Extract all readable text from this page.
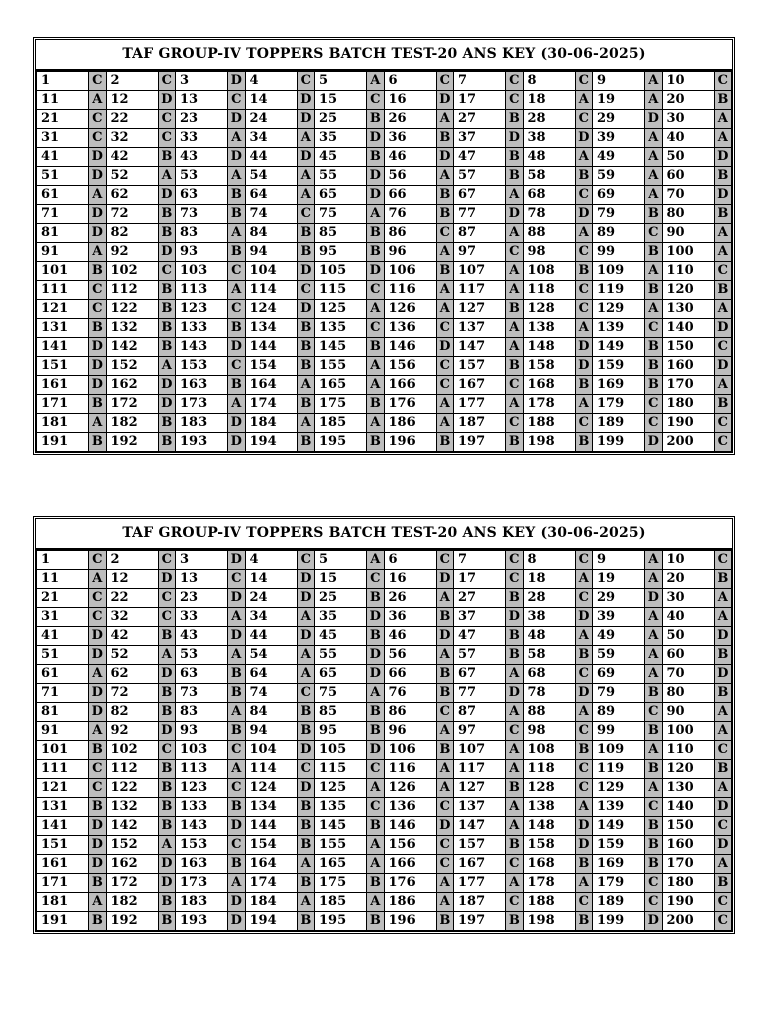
TAF GROUP-IV TOPPERS BATCH TEST-20 ANS KEY (30-06-2025)
1	C	2	C	3	D	4	C	5	A	6	C	7	C	8	C	9	A	10	C
11	A	12	D	13	C	14	D	15	C	16	D	17	C	18	A	19	A	20	B
21	C	22	C	23	D	24	D	25	B	26	A	27	B	28	C	29	D	30	A
31	C	32	C	33	A	34	A	35	D	36	B	37	D	38	D	39	A	40	A
41	D	42	B	43	D	44	D	45	B	46	D	47	B	48	A	49	A	50	D
51	D	52	A	53	A	54	A	55	D	56	A	57	B	58	B	59	A	60	B
61	A	62	D	63	B	64	A	65	D	66	B	67	A	68	C	69	A	70	D
71	D	72	B	73	B	74	C	75	A	76	B	77	D	78	D	79	B	80	B
81	D	82	B	83	A	84	B	85	B	86	C	87	A	88	A	89	C	90	A
91	A	92	D	93	B	94	B	95	B	96	A	97	C	98	C	99	B	100	A
101	B	102	C	103	C	104	D	105	D	106	B	107	A	108	B	109	A	110	C
111	C	112	B	113	A	114	C	115	C	116	A	117	A	118	C	119	B	120	B
121	C	122	B	123	C	124	D	125	A	126	A	127	B	128	C	129	A	130	A
131	B	132	B	133	B	134	B	135	C	136	C	137	A	138	A	139	C	140	D
141	D	142	B	143	D	144	B	145	B	146	D	147	A	148	D	149	B	150	C
151	D	152	A	153	C	154	B	155	A	156	C	157	B	158	D	159	B	160	D
161	D	162	D	163	B	164	A	165	A	166	C	167	C	168	B	169	B	170	A
171	B	172	D	173	A	174	B	175	B	176	A	177	A	178	A	179	C	180	B
181	A	182	B	183	D	184	A	185	A	186	A	187	C	188	C	189	C	190	C
191	B	192	B	193	D	194	B	195	B	196	B	197	B	198	B	199	D	200	C
TAF GROUP-IV TOPPERS BATCH TEST-20 ANS KEY (30-06-2025)
1	C	2	C	3	D	4	C	5	A	6	C	7	C	8	C	9	A	10	C
11	A	12	D	13	C	14	D	15	C	16	D	17	C	18	A	19	A	20	B
21	C	22	C	23	D	24	D	25	B	26	A	27	B	28	C	29	D	30	A
31	C	32	C	33	A	34	A	35	D	36	B	37	D	38	D	39	A	40	A
41	D	42	B	43	D	44	D	45	B	46	D	47	B	48	A	49	A	50	D
51	D	52	A	53	A	54	A	55	D	56	A	57	B	58	B	59	A	60	B
61	A	62	D	63	B	64	A	65	D	66	B	67	A	68	C	69	A	70	D
71	D	72	B	73	B	74	C	75	A	76	B	77	D	78	D	79	B	80	B
81	D	82	B	83	A	84	B	85	B	86	C	87	A	88	A	89	C	90	A
91	A	92	D	93	B	94	B	95	B	96	A	97	C	98	C	99	B	100	A
101	B	102	C	103	C	104	D	105	D	106	B	107	A	108	B	109	A	110	C
111	C	112	B	113	A	114	C	115	C	116	A	117	A	118	C	119	B	120	B
121	C	122	B	123	C	124	D	125	A	126	A	127	B	128	C	129	A	130	A
131	B	132	B	133	B	134	B	135	C	136	C	137	A	138	A	139	C	140	D
141	D	142	B	143	D	144	B	145	B	146	D	147	A	148	D	149	B	150	C
151	D	152	A	153	C	154	B	155	A	156	C	157	B	158	D	159	B	160	D
161	D	162	D	163	B	164	A	165	A	166	C	167	C	168	B	169	B	170	A
171	B	172	D	173	A	174	B	175	B	176	A	177	A	178	A	179	C	180	B
181	A	182	B	183	D	184	A	185	A	186	A	187	C	188	C	189	C	190	C
191	B	192	B	193	D	194	B	195	B	196	B	197	B	198	B	199	D	200	C
